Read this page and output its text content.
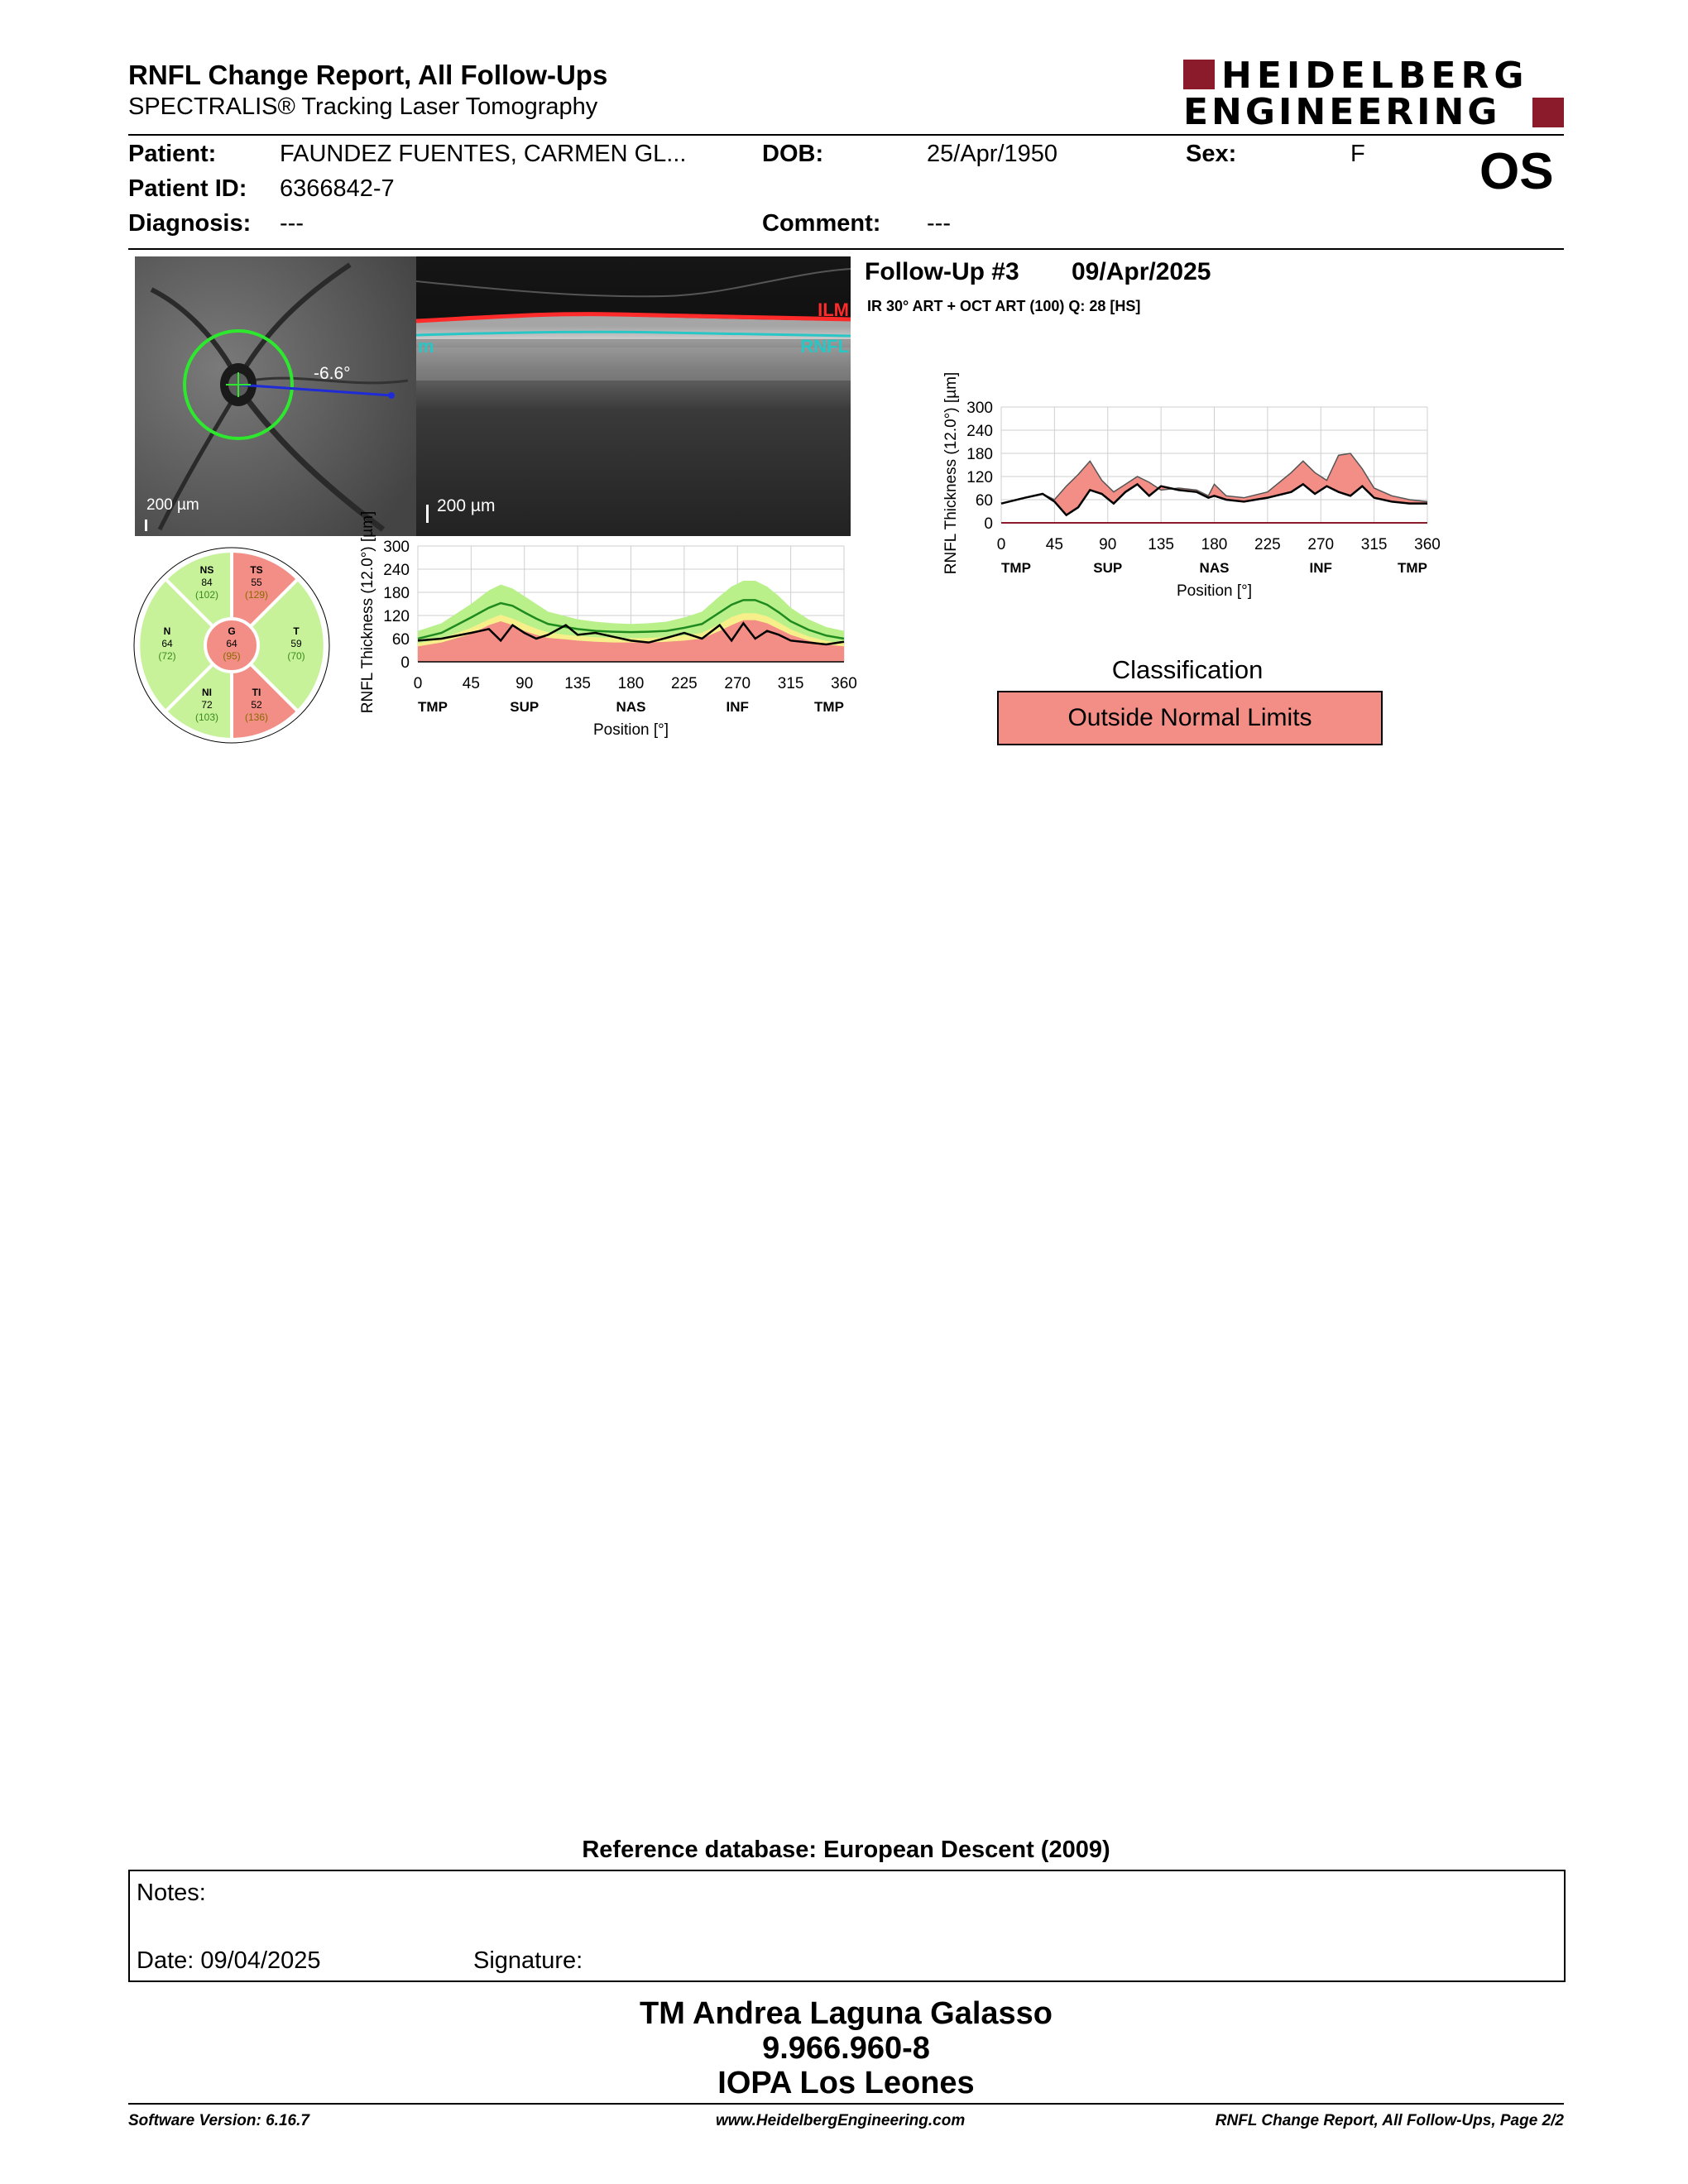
RNFL Change Report, All Follow-Ups
SPECTRALIS® Tracking Laser Tomography
HEIDELBERG
ENGINEERING
Patient:	FAUNDEZ FUENTES, CARMEN GL...	DOB:	25/Apr/1950	Sex:	F OS
Patient ID: 6366842-7
Diagnosis: ---	Comment: ---
200 µm
-6.6°
ILM
RNFL
m
200 µm
Follow-Up #3 09/Apr/2025
IR 30° ART + OCT ART (100) Q: 28 [HS]
NS
84
(102)
TS
55
(129)
N
64
(72)
G
64
(95)
T
59
(70)
NI
72
(103)
TI
52
(136)
0
60
120
180
240
300
0	45 90 135 180 225 270 315 360
TMP	SUP	NAS	INF	TMP
Position [°]
RNFL Thickness (12.0°) [µm]	0
60
120
180
240
300
0	45 90 135 180 225 270 315 360
TMP	SUP	NAS	INF	TMP
Position [°]
RNFL Thickness (12.0°) [µm]
Classification
Outside Normal Limits
Reference database: European Descent (2009)
Notes:
Date: 09/04/2025	Signature:
TM Andrea Laguna Galasso
9.966.960-8
IOPA Los Leones
Software Version: 6.16.7	www.HeidelbergEngineering.com	RNFL Change Report, All Follow-Ups, Page 2/2
